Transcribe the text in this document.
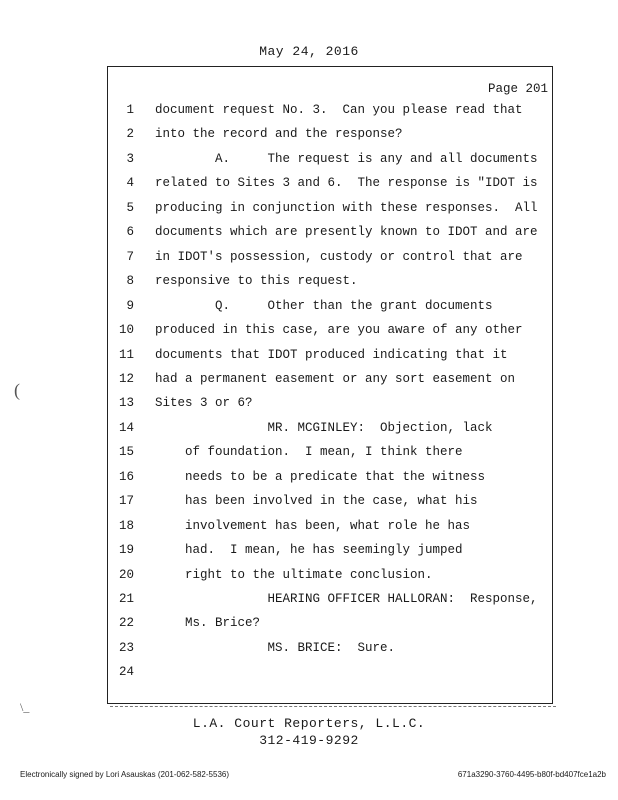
May 24, 2016
Page 201
1 document request No. 3.  Can you please read that
2 into the record and the response?
3 A.     The request is any and all documents
4 related to Sites 3 and 6.  The response is "IDOT is
5 producing in conjunction with these responses.  All
6 documents which are presently known to IDOT and are
7 in IDOT's possession, custody or control that are
8 responsive to this request.
9 Q.     Other than the grant documents
10 produced in this case, are you aware of any other
11 documents that IDOT produced indicating that it
12 had a permanent easement or any sort easement on
13 Sites 3 or 6?
14 MR. MCGINLEY:  Objection, lack
15 of foundation.  I mean, I think there
16 needs to be a predicate that the witness
17 has been involved in the case, what his
18 involvement has been, what role he has
19 had.  I mean, he has seemingly jumped
20 right to the ultimate conclusion.
21 HEARING OFFICER HALLORAN:  Response,
22 Ms. Brice?
23 MS. BRICE:  Sure.
24
(
\_
L.A. Court Reporters, L.L.C.
312-419-9292
Electronically signed by Lori Asauskas (201-062-582-5536)	671a3290-3760-4495-b80f-bd407fce1a2b
